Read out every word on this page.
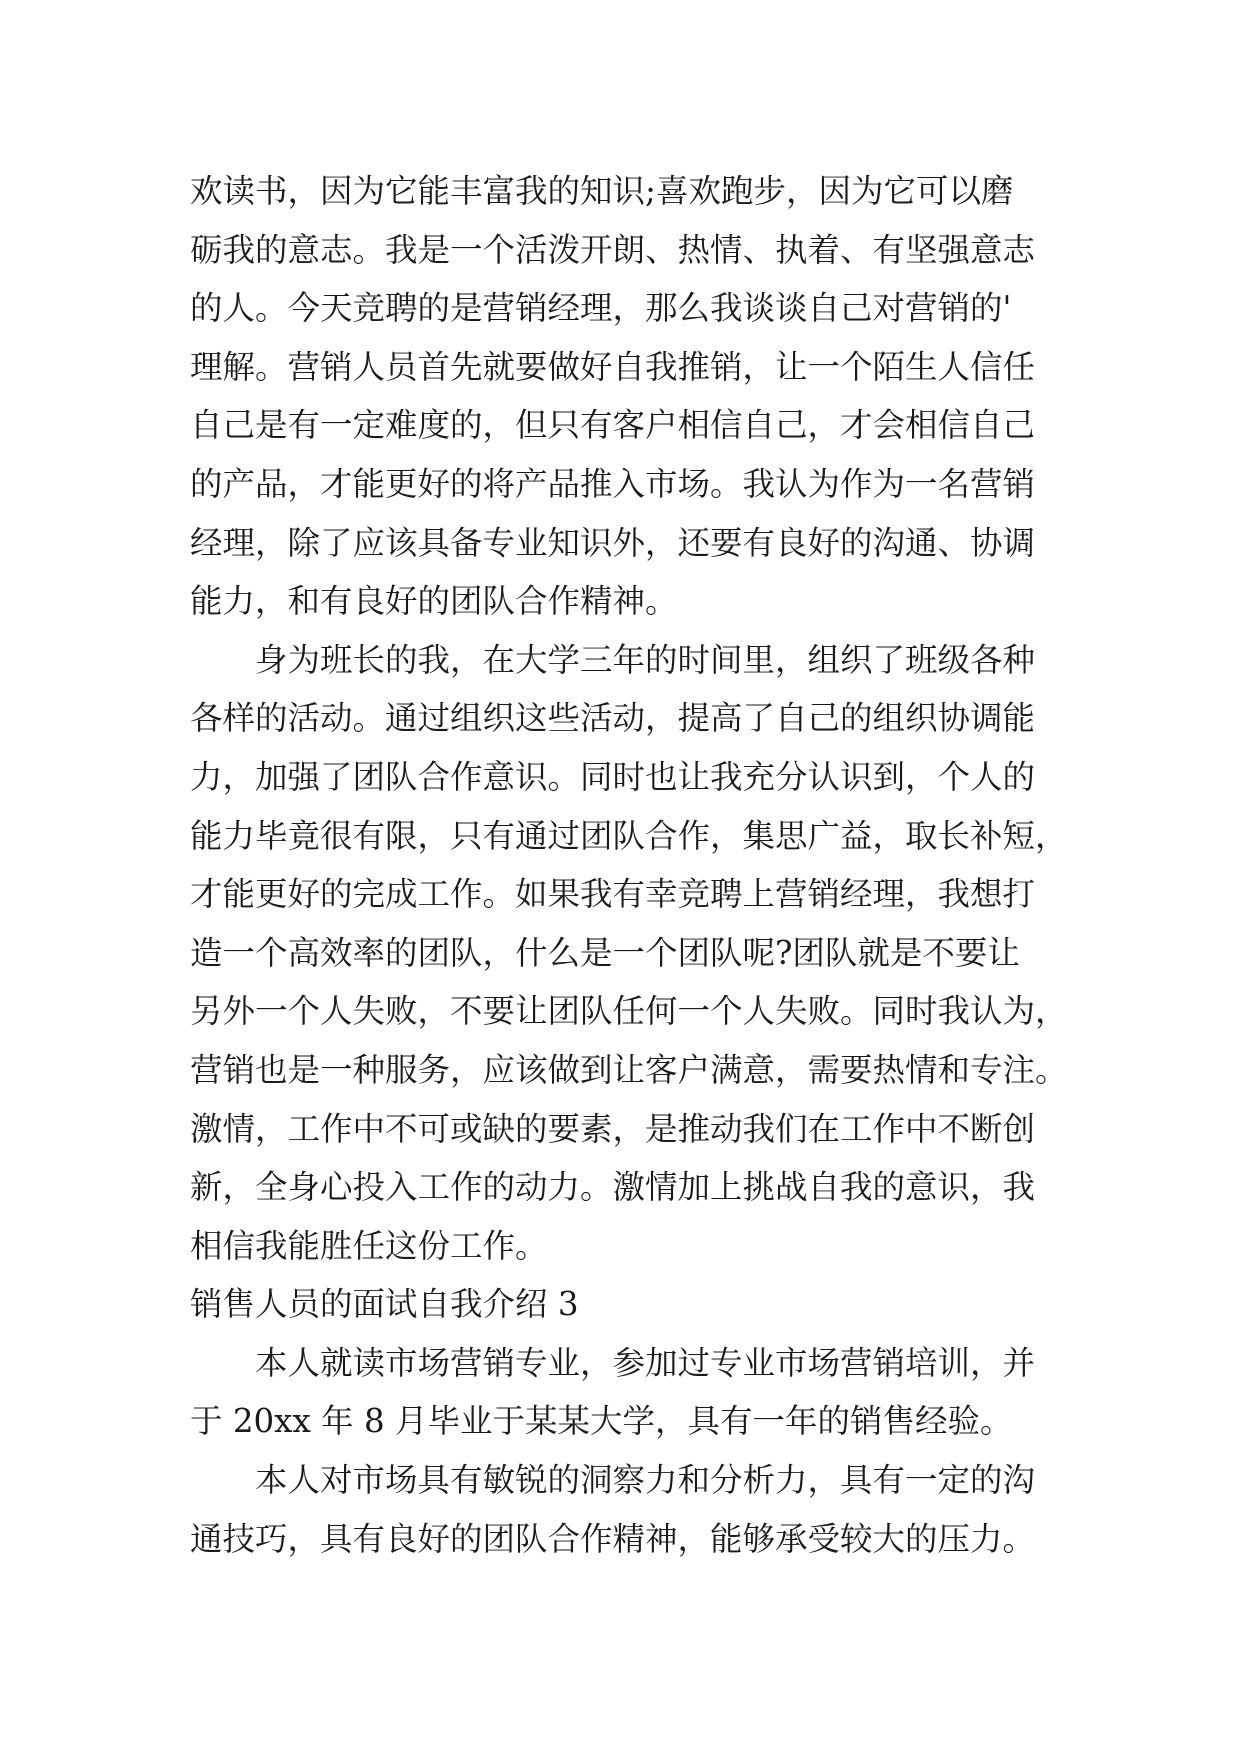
欢读书，因为它能丰富我的知识;喜欢跑步，因为它可以磨
砺我的意志。我是一个活泼开朗、热情、执着、有坚强意志
的人。今天竞聘的是营销经理，那么我谈谈自己对营销的'
理解。营销人员首先就要做好自我推销，让一个陌生人信任
自己是有一定难度的，但只有客户相信自己，才会相信自己
的产品，才能更好的将产品推入市场。我认为作为一名营销
经理，除了应该具备专业知识外，还要有良好的沟通、协调
能力，和有良好的团队合作精神。
身为班长的我，在大学三年的时间里，组织了班级各种
各样的活动。通过组织这些活动，提高了自己的组织协调能
力，加强了团队合作意识。同时也让我充分认识到，个人的
能力毕竟很有限，只有通过团队合作，集思广益，取长补短，
才能更好的完成工作。如果我有幸竞聘上营销经理，我想打
造一个高效率的团队，什么是一个团队呢?团队就是不要让
另外一个人失败，不要让团队任何一个人失败。同时我认为，
营销也是一种服务，应该做到让客户满意，需要热情和专注。
激情，工作中不可或缺的要素，是推动我们在工作中不断创
新，全身心投入工作的动力。激情加上挑战自我的意识，我
相信我能胜任这份工作。
销售人员的面试自我介绍 3
本人就读市场营销专业，参加过专业市场营销培训，并
于 20xx 年 8 月毕业于某某大学，具有一年的销售经验。
本人对市场具有敏锐的洞察力和分析力，具有一定的沟
通技巧，具有良好的团队合作精神，能够承受较大的压力。
